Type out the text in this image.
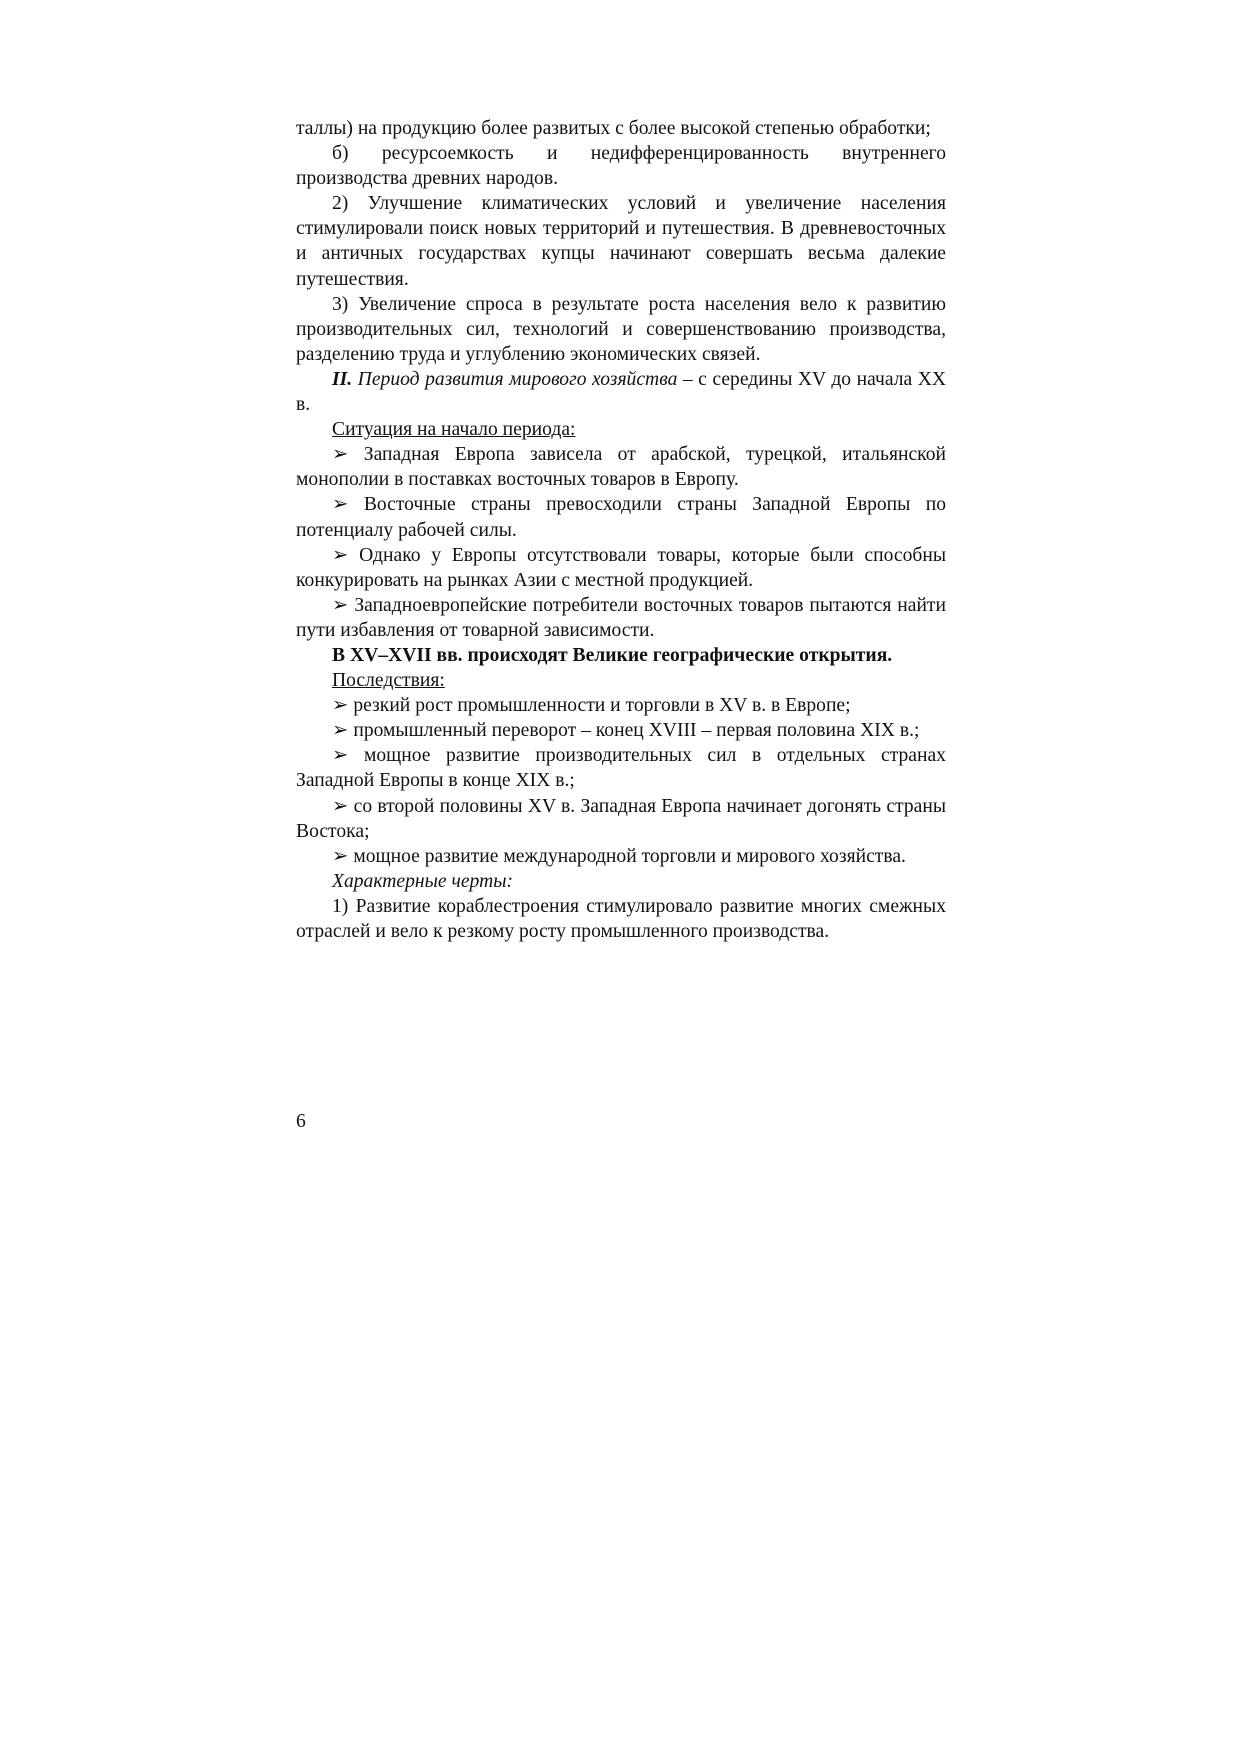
таллы) на продукцию более развитых с более высокой степенью обработки;

б) ресурсоемкость и недифференцированность внутреннего производства древних народов.

2) Улучшение климатических условий и увеличение населения стимулировали поиск новых территорий и путешествия. В древневосточных и античных государствах купцы начинают совершать весьма далекие путешествия.

3) Увеличение спроса в результате роста населения вело к развитию производительных сил, технологий и совершенствованию производства, разделению труда и углублению экономических связей.

II. Период развития мирового хозяйства – с середины XV до начала XX в.

Ситуация на начало периода:

➢ Западная Европа зависела от арабской, турецкой, итальянской монополии в поставках восточных товаров в Европу.

➢ Восточные страны превосходили страны Западной Европы по потенциалу рабочей силы.

➢ Однако у Европы отсутствовали товары, которые были способны конкурировать на рынках Азии с местной продукцией.

➢ Западноевропейские потребители восточных товаров пытаются найти пути избавления от товарной зависимости.

В XV–XVII вв. происходят Великие географические открытия.

Последствия:

➢ резкий рост промышленности и торговли в XV в. в Европе;

➢ промышленный переворот – конец XVIII – первая половина XIX в.;

➢ мощное развитие производительных сил в отдельных странах Западной Европы в конце XIX в.;

➢ со второй половины XV в. Западная Европа начинает догонять страны Востока;

➢ мощное развитие международной торговли и мирового хозяйства.

Характерные черты:

1) Развитие кораблестроения стимулировало развитие многих смежных отраслей и вело к резкому росту промышленного производства.

6
